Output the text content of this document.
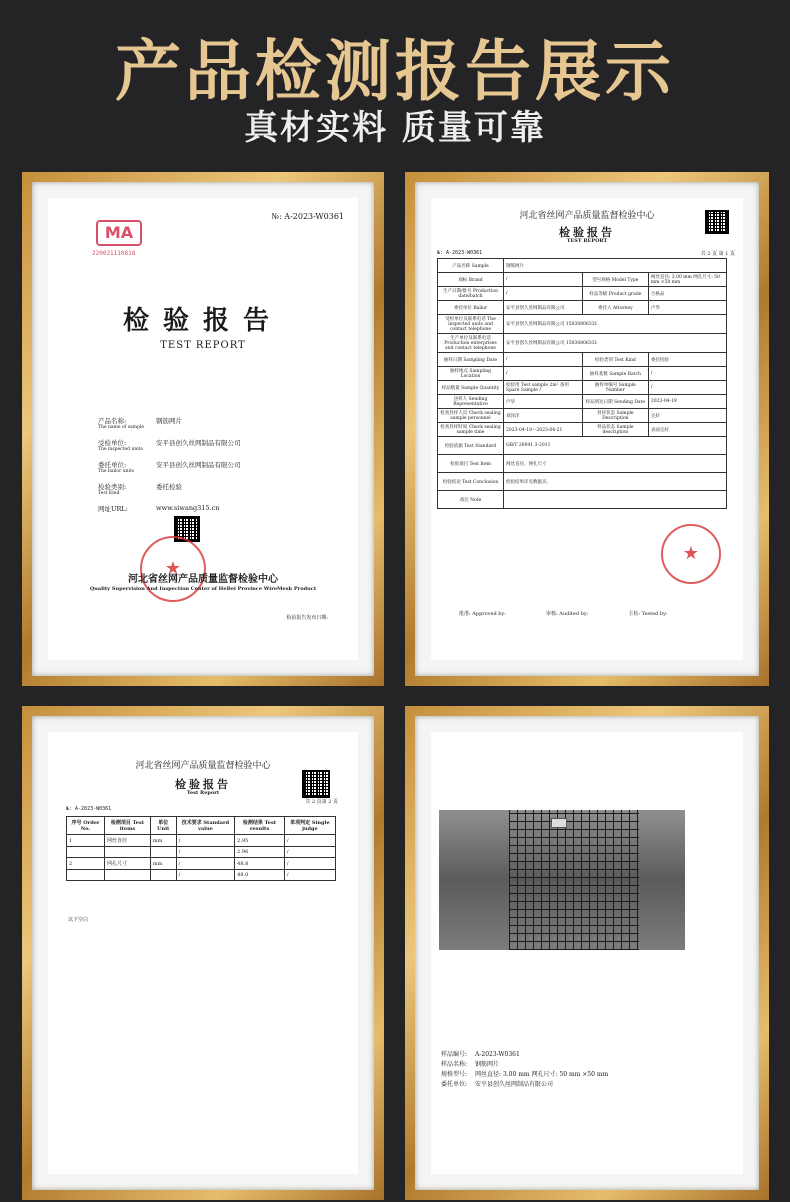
产品检测报告展示
真材实料 质量可靠
№: A-2023-W0361
MA
220021110818
检验报告
TEST REPORT
产品名称:
The name of sample
钢筋网片
受检单位:
The inspected units
安平县创久丝网制品有限公司
委托单位:
The bailor units
安平县创久丝网制品有限公司
检验类别:
Test Kind
委托检验
网址URL:	www.siwang315.cn
★
河北省丝网产品质量监督检验中心
Quality Supervision And Inspection Center of HeBei Province WireMesh Product
检验报告发布日期:
河北省丝网产品质量监督检验中心
检验报告
TEST REPORT
№: A-2023-W0361	共 2 页 第 1 页
产品名称 Sample	钢筋网片		
商标 Brand	/	型号规格 Model Type	网丝直径: 3.00 mm 网孔尺寸: 50 mm ×50 mm
生产日期/批号 Production date/batch	/	样品等级 Product grade	合格品
委托单位 Bailor	安平县创久丝网制品有限公司	委托人 Attorney	卢华
受检单位及联系电话 The inspected units and contact telephone	安平县创久丝网制品有限公司 15030806331		
生产单位及联系电话 Production enterprises and contact telephone	安平县创久丝网制品有限公司 15030806331		
抽样日期 Sampling Date	/	检验类别 Test Kind	委托检验
抽样地点 Sampling Location	/	抽样基数 Sample Batch	/
样品数量 Sample Quantity	检验用 Test sample 2m² 备用 Spare Sample /	抽样单编号 Sample Number	/
送样人 Sending Representative	卢华	样品到达日期 Sending Date	2023-04-19
检查封样人员 Check sealing sample personnel	刘泽洋	封样状态 Sample Description	完好
检查封样时间 Check sealing sample time	2023-04-19～2023-04-21	样品状态 Sample description	表面完好
检验依据 Test Standard	GB/T 26941.3-2011		
检验项目 Test Item	网丝直径、网孔尺寸		
检验结论 Test Conclusion	检验结果详见数据页。		
备注 Note			
★
批准: Approved by:	审核: Audited by:	主检: Tested by:
河北省丝网产品质量监督检验中心
检验报告
Test Report
№: A-2023-W0361
共 2 页第 2 页
序号 Order No.	检测项目 Test items	单位 Unit	技术要求 Standard value	检测结果 Test results	单项判定 Single judge
1	网丝直径	mm	/	2.95	/
			/	2.96	/
2	网孔尺寸	mm	/	48.8	/
			/	48.0	/
以下空白
样品编号: A-2023-W0361
样品名称: 钢筋网片
规格型号: 网丝直径: 3.00 mm 网孔尺寸: 50 mm ×50 mm
委托单位: 安平县创久丝网制品有限公司
